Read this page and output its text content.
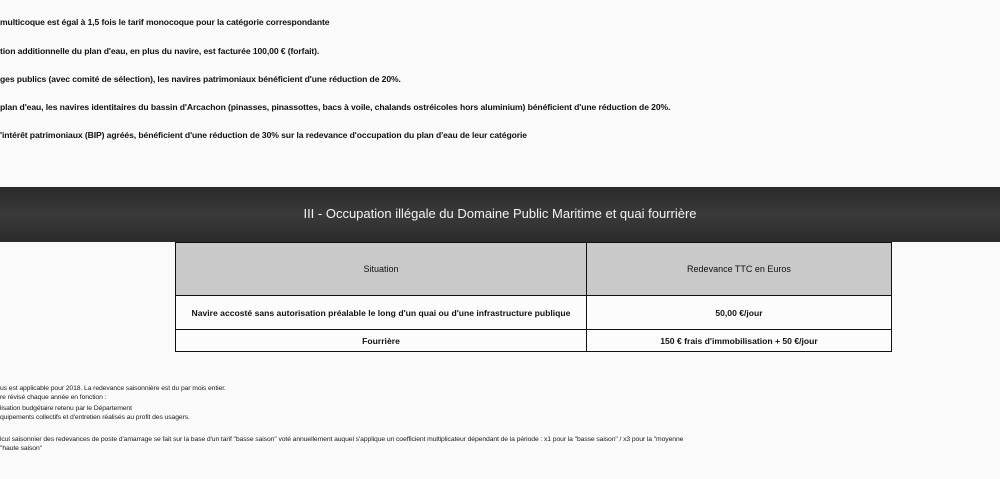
multicoque est égal à 1,5 fois le tarif monocoque pour la catégorie correspondante
tion additionnelle du plan d'eau, en plus du navire, est facturée 100,00 € (forfait).
ges publics (avec comité de sélection), les navires patrimoniaux bénéficient d'une réduction de 20%.
plan d'eau, les navires identitaires du bassin d'Arcachon (pinasses, pinassottes, bacs à voile, chalands ostréicoles hors aluminium) bénéficient d'une réduction de 20%.
'intérêt patrimoniaux (BIP) agréés, bénéficient d'une réduction de 30% sur la redevance d'occupation du plan d'eau de leur catégorie
III - Occupation illégale du Domaine Public Maritime et quai fourrière
Situation	Redevance TTC en Euros
Navire accosté sans autorisation préalable le long d'un quai ou d'une infrastructure publique	50,00 €/jour
Fourrière	150 € frais d'immobilisation + 50 €/jour
us est applicable pour 2018. La redevance saisonnière est du par mois entier.
re révisé chaque année en fonction :
lisation budgétaire retenu par le Département
quipements collectifs et d'entretien réalisés au profit des usagers.
lcul saisonnier des redevances de poste d'amarrage se fait sur la base d'un tarif "basse saison" voté annuellement auquel s'applique un coefficient multiplicateur dépendant de la période : x1 pour la "basse saison" / x3 pour la "moyenne
"haute saison"
